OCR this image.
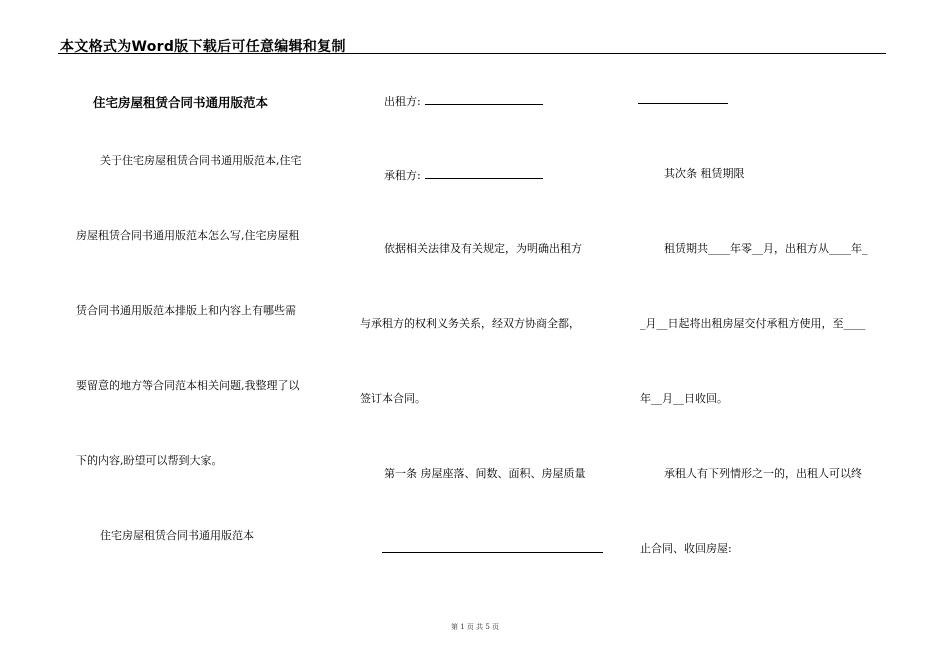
本文格式为Word版下载后可任意编辑和复制
住宅房屋租赁合同书通用版范本
关于住宅房屋租赁合同书通用版范本,住宅
房屋租赁合同书通用版范本怎么写,住宅房屋租
赁合同书通用版范本排版上和内容上有哪些需
要留意的地方等合同范本相关问题,我整理了以
下的内容,盼望可以帮到大家。
住宅房屋租赁合同书通用版范本
出租方:
承租方:
依据相关法律及有关规定，为明确出租方
与承租方的权利义务关系，经双方协商全都，
签订本合同。
第一条 房屋座落、间数、面积、房屋质量
其次条 租赁期限
租赁期共____年零__月，出租方从____年_
_月__日起将出租房屋交付承租方使用，至____
年__月__日收回。
承租人有下列情形之一的，出租人可以终
止合同、收回房屋:
第 1 页 共 5 页
